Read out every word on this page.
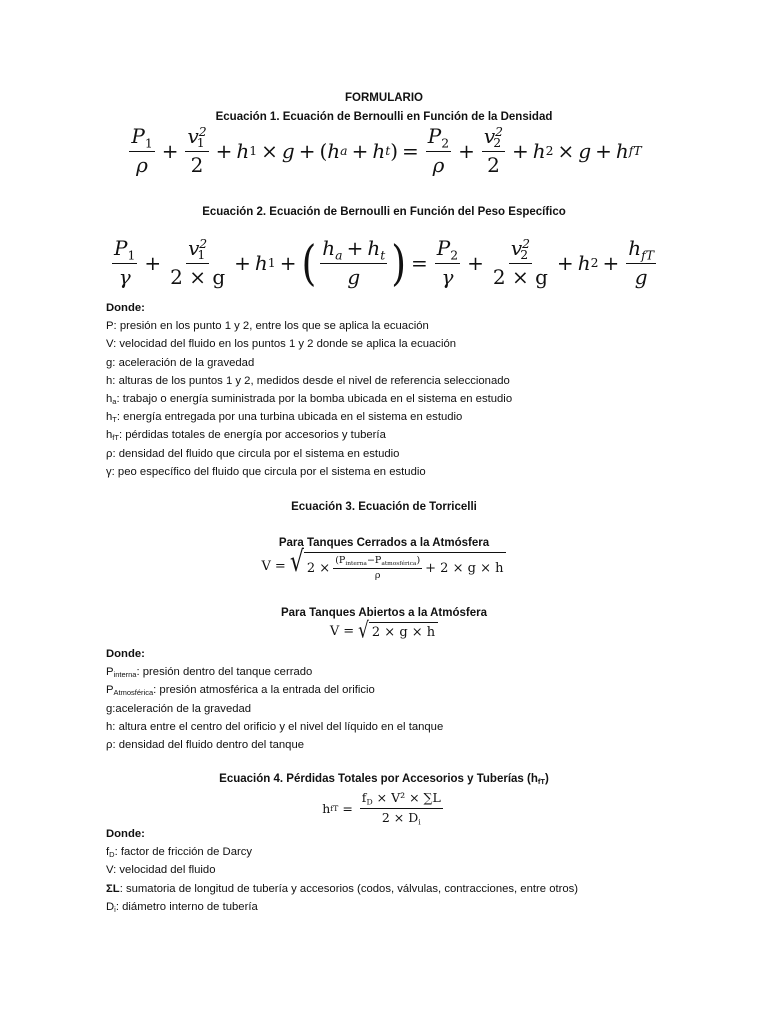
FORMULARIO
Ecuación 1. Ecuación de Bernoulli en Función de la Densidad
$\frac{P_1}{\rho} + \frac{v_1^2}{2} + h$ 1 × g + ( h a + h t ) = $\frac{P_2}{\rho} + \frac{v_2^2}{2} + h$ 2 × g + h fT
Ecuación 2. Ecuación de Bernoulli en Función del Peso Específico
$\frac{P_1}{\gamma} + \frac{v_1^2}{2 \times g} + h$ 1 + ( $\frac{h_a + h_t}{g}$ ) = $\frac{P_2}{\gamma} + \frac{v_2^2}{2 \times g} + h$ $2 + \frac{h_{fT}}{g}$
Donde:
P: presión en los punto 1 y 2, entre los que se aplica la ecuación
V: velocidad del fluido en los puntos 1 y 2 donde se aplica la ecuación
g: aceleración de la gravedad
h: alturas de los puntos 1 y 2, medidos desde el nivel de referencia seleccionado
$h_a$: trabajo o energía suministrada por la bomba ubicada en el sistema en estudio
$h_T$: energía entregada por una turbina ubicada en el sistema en estudio
$h_{fT}$: pérdidas totales de energía por accesorios y tubería
ρ: densidad del fluido que circula por el sistema en estudio
γ: peo específico del fluido que circula por el sistema en estudio
Ecuación 3. Ecuación de Torricelli
Para Tanques Cerrados a la Atmósfera
V = √ $2 \times \frac{(P_{interna}-P_{atmosférica})}{\rho} + 2 \times g \times h$
Para Tanques Abiertos a la Atmósfera
V = √ 2 × g × h
Donde:
$P_{interna}$: presión dentro del tanque cerrado
$P_{Atmosférica}$: presión atmosférica a la entrada del orificio
g:aceleración de la gravedad
h: altura entre el centro del orificio y el nivel del líquido en el tanque
ρ: densidad del fluido dentro del tanque
Ecuación 4. Pérdidas Totales por Accesorios y Tuberías $(h_{fT})$
h fT = $\frac{f_D \times V^2 \times \sum L}{2 \times D_i}$
Donde:
$f_D$: factor de fricción de Darcy
V: velocidad del fluido
ΣL: sumatoria de longitud de tubería y accesorios (codos, válvulas, contracciones, entre otros)
$D_i$: diámetro interno de tubería
